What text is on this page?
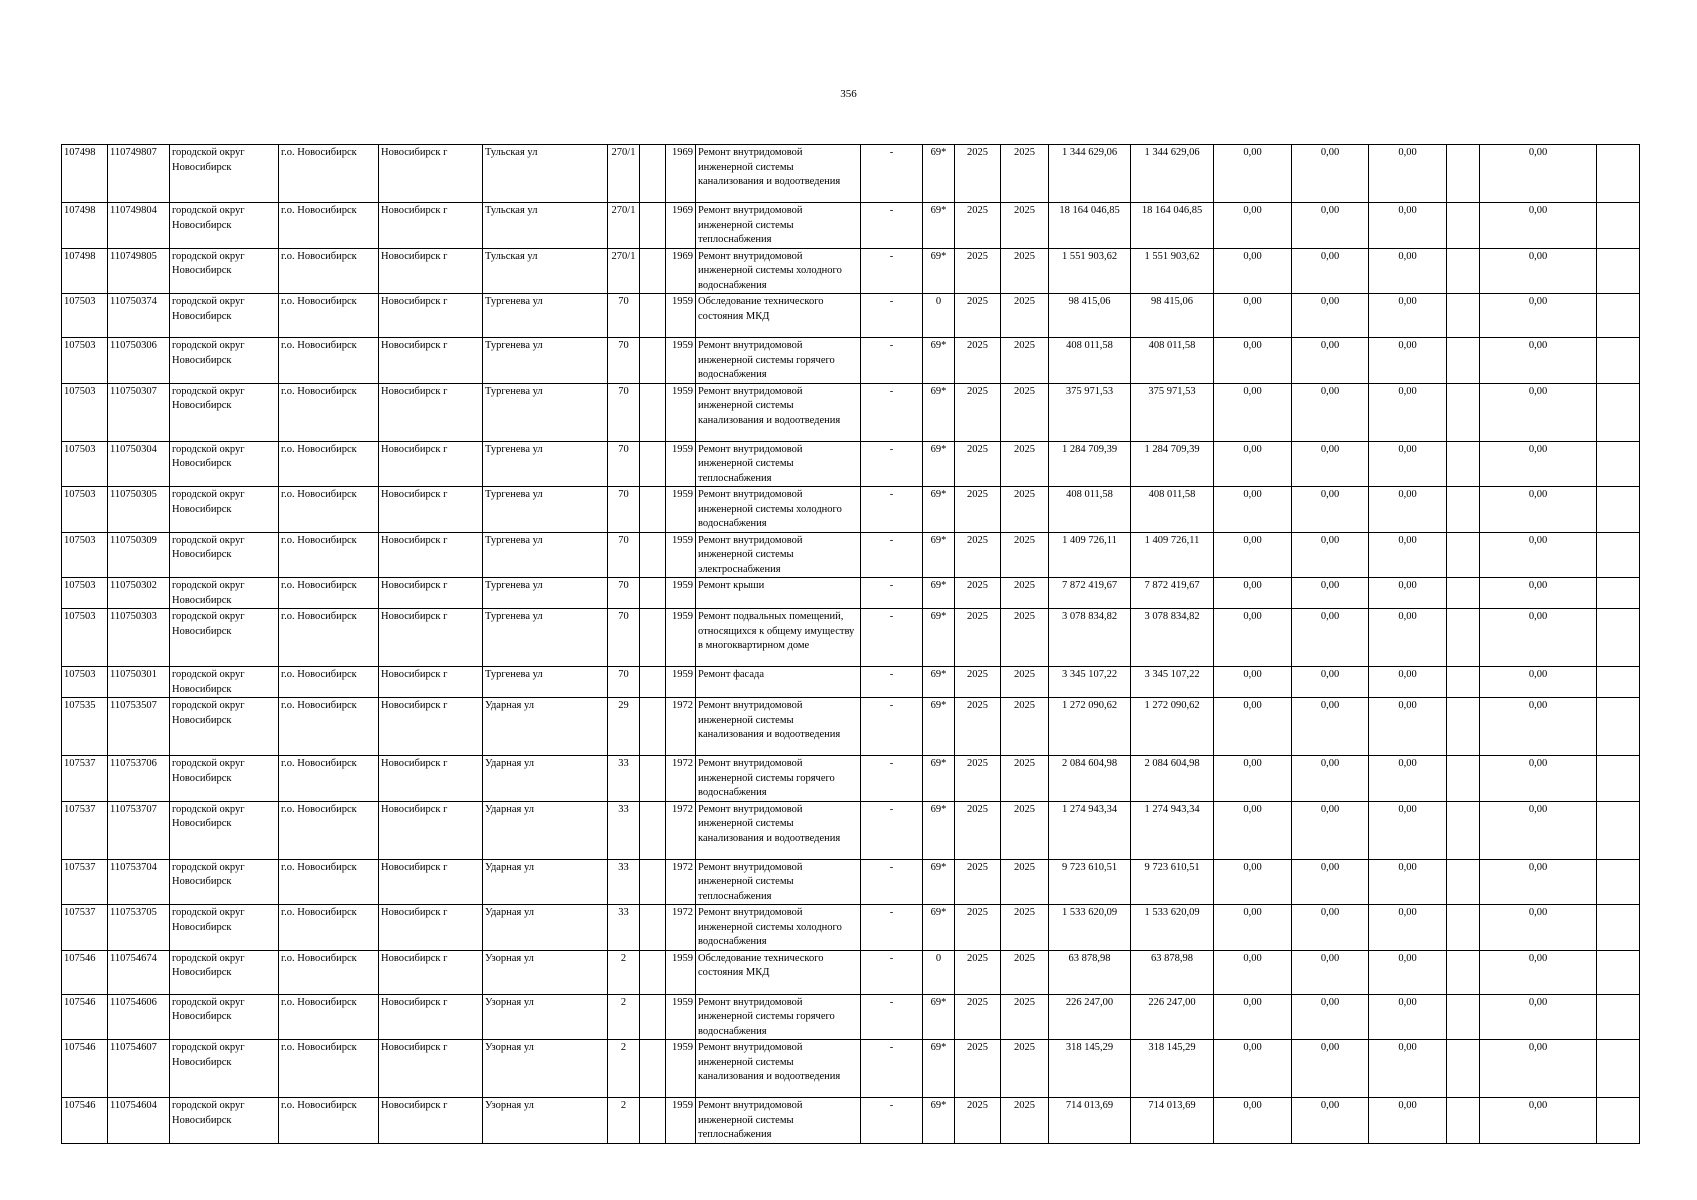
356
107498	110749807	городской округ Новосибирск	г.о. Новосибирск	Новосибирск г	Тульская ул	270/1		1969	Ремонт внутридомовой инженерной системы канализования и водоотведения	-	69*	2025	2025	1 344 629,06	1 344 629,06	0,00	0,00	0,00		0,00	
107498	110749804	городской округ Новосибирск	г.о. Новосибирск	Новосибирск г	Тульская ул	270/1		1969	Ремонт внутридомовой инженерной системы теплоснабжения	-	69*	2025	2025	18 164 046,85	18 164 046,85	0,00	0,00	0,00		0,00	
107498	110749805	городской округ Новосибирск	г.о. Новосибирск	Новосибирск г	Тульская ул	270/1		1969	Ремонт внутридомовой инженерной системы холодного водоснабжения	-	69*	2025	2025	1 551 903,62	1 551 903,62	0,00	0,00	0,00		0,00	
107503	110750374	городской округ Новосибирск	г.о. Новосибирск	Новосибирск г	Тургенева ул	70		1959	Обследование технического состояния МКД	-	0	2025	2025	98 415,06	98 415,06	0,00	0,00	0,00		0,00	
107503	110750306	городской округ Новосибирск	г.о. Новосибирск	Новосибирск г	Тургенева ул	70		1959	Ремонт внутридомовой инженерной системы горячего водоснабжения	-	69*	2025	2025	408 011,58	408 011,58	0,00	0,00	0,00		0,00	
107503	110750307	городской округ Новосибирск	г.о. Новосибирск	Новосибирск г	Тургенева ул	70		1959	Ремонт внутридомовой инженерной системы канализования и водоотведения	-	69*	2025	2025	375 971,53	375 971,53	0,00	0,00	0,00		0,00	
107503	110750304	городской округ Новосибирск	г.о. Новосибирск	Новосибирск г	Тургенева ул	70		1959	Ремонт внутридомовой инженерной системы теплоснабжения	-	69*	2025	2025	1 284 709,39	1 284 709,39	0,00	0,00	0,00		0,00	
107503	110750305	городской округ Новосибирск	г.о. Новосибирск	Новосибирск г	Тургенева ул	70		1959	Ремонт внутридомовой инженерной системы холодного водоснабжения	-	69*	2025	2025	408 011,58	408 011,58	0,00	0,00	0,00		0,00	
107503	110750309	городской округ Новосибирск	г.о. Новосибирск	Новосибирск г	Тургенева ул	70		1959	Ремонт внутридомовой инженерной системы электроснабжения	-	69*	2025	2025	1 409 726,11	1 409 726,11	0,00	0,00	0,00		0,00	
107503	110750302	городской округ Новосибирск	г.о. Новосибирск	Новосибирск г	Тургенева ул	70		1959	Ремонт крыши	-	69*	2025	2025	7 872 419,67	7 872 419,67	0,00	0,00	0,00		0,00	
107503	110750303	городской округ Новосибирск	г.о. Новосибирск	Новосибирск г	Тургенева ул	70		1959	Ремонт подвальных помещений, относящихся к общему имуществу в многоквартирном доме	-	69*	2025	2025	3 078 834,82	3 078 834,82	0,00	0,00	0,00		0,00	
107503	110750301	городской округ Новосибирск	г.о. Новосибирск	Новосибирск г	Тургенева ул	70		1959	Ремонт фасада	-	69*	2025	2025	3 345 107,22	3 345 107,22	0,00	0,00	0,00		0,00	
107535	110753507	городской округ Новосибирск	г.о. Новосибирск	Новосибирск г	Ударная ул	29		1972	Ремонт внутридомовой инженерной системы канализования и водоотведения	-	69*	2025	2025	1 272 090,62	1 272 090,62	0,00	0,00	0,00		0,00	
107537	110753706	городской округ Новосибирск	г.о. Новосибирск	Новосибирск г	Ударная ул	33		1972	Ремонт внутридомовой инженерной системы горячего водоснабжения	-	69*	2025	2025	2 084 604,98	2 084 604,98	0,00	0,00	0,00		0,00	
107537	110753707	городской округ Новосибирск	г.о. Новосибирск	Новосибирск г	Ударная ул	33		1972	Ремонт внутридомовой инженерной системы канализования и водоотведения	-	69*	2025	2025	1 274 943,34	1 274 943,34	0,00	0,00	0,00		0,00	
107537	110753704	городской округ Новосибирск	г.о. Новосибирск	Новосибирск г	Ударная ул	33		1972	Ремонт внутридомовой инженерной системы теплоснабжения	-	69*	2025	2025	9 723 610,51	9 723 610,51	0,00	0,00	0,00		0,00	
107537	110753705	городской округ Новосибирск	г.о. Новосибирск	Новосибирск г	Ударная ул	33		1972	Ремонт внутридомовой инженерной системы холодного водоснабжения	-	69*	2025	2025	1 533 620,09	1 533 620,09	0,00	0,00	0,00		0,00	
107546	110754674	городской округ Новосибирск	г.о. Новосибирск	Новосибирск г	Узорная ул	2		1959	Обследование технического состояния МКД	-	0	2025	2025	63 878,98	63 878,98	0,00	0,00	0,00		0,00	
107546	110754606	городской округ Новосибирск	г.о. Новосибирск	Новосибирск г	Узорная ул	2		1959	Ремонт внутридомовой инженерной системы горячего водоснабжения	-	69*	2025	2025	226 247,00	226 247,00	0,00	0,00	0,00		0,00	
107546	110754607	городской округ Новосибирск	г.о. Новосибирск	Новосибирск г	Узорная ул	2		1959	Ремонт внутридомовой инженерной системы канализования и водоотведения	-	69*	2025	2025	318 145,29	318 145,29	0,00	0,00	0,00		0,00	
107546	110754604	городской округ Новосибирск	г.о. Новосибирск	Новосибирск г	Узорная ул	2		1959	Ремонт внутридомовой инженерной системы теплоснабжения	-	69*	2025	2025	714 013,69	714 013,69	0,00	0,00	0,00		0,00	
